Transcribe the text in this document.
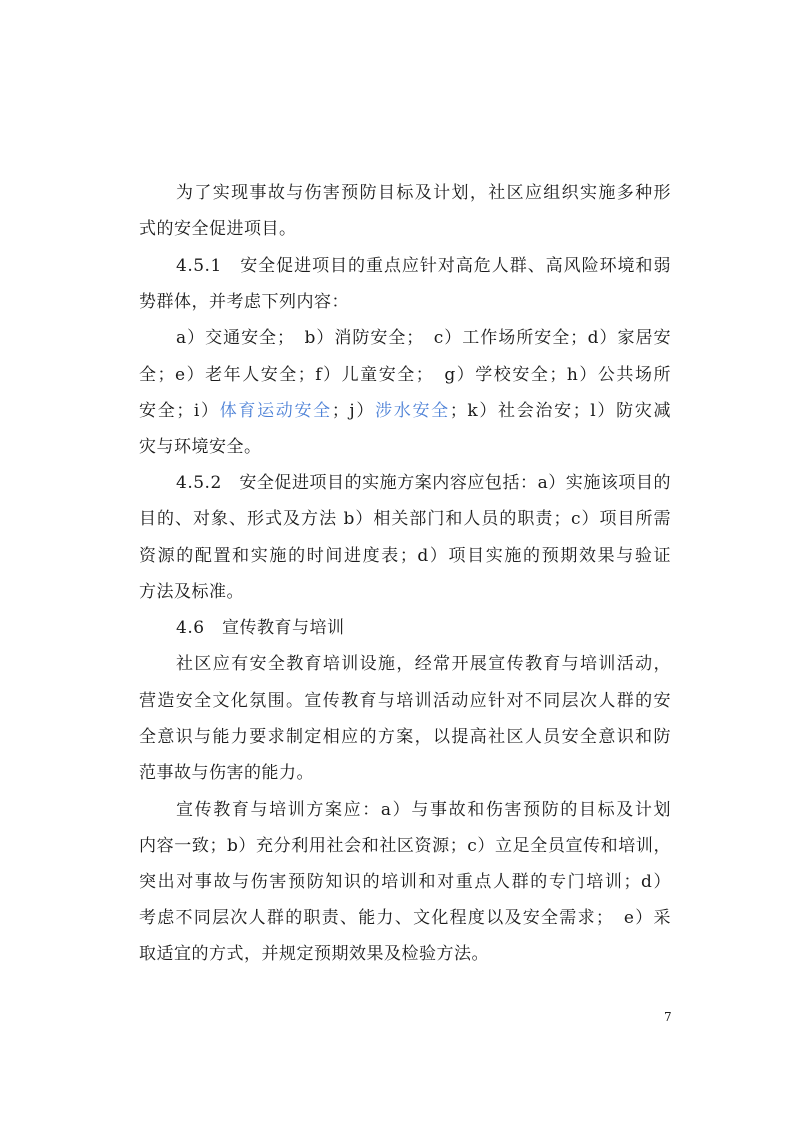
为了实现事故与伤害预防目标及计划，社区应组织实施多种形
式的安全促进项目。
4.5.1　安全促进项目的重点应针对高危人群、高风险环境和弱
势群体，并考虑下列内容：
a）交通安全；　b）消防安全；　c）工作场所安全；d）家居安
全；e）老年人安全；f）儿童安全；　g）学校安全；h）公共场所
安全；i）体育运动安全；j）涉水安全；k）社会治安；l）防灾减
灾与环境安全。
4.5.2　安全促进项目的实施方案内容应包括：a）实施该项目的
目的、对象、形式及方法 b）相关部门和人员的职责；c）项目所需
资源的配置和实施的时间进度表；d）项目实施的预期效果与验证
方法及标准。
4.6　宣传教育与培训
社区应有安全教育培训设施，经常开展宣传教育与培训活动，
营造安全文化氛围。宣传教育与培训活动应针对不同层次人群的安
全意识与能力要求制定相应的方案，以提高社区人员安全意识和防
范事故与伤害的能力。
宣传教育与培训方案应：a）与事故和伤害预防的目标及计划
内容一致；b）充分利用社会和社区资源；c）立足全员宣传和培训，
突出对事故与伤害预防知识的培训和对重点人群的专门培训；d）
考虑不同层次人群的职责、能力、文化程度以及安全需求；　e）采
取适宜的方式，并规定预期效果及检验方法。
7
